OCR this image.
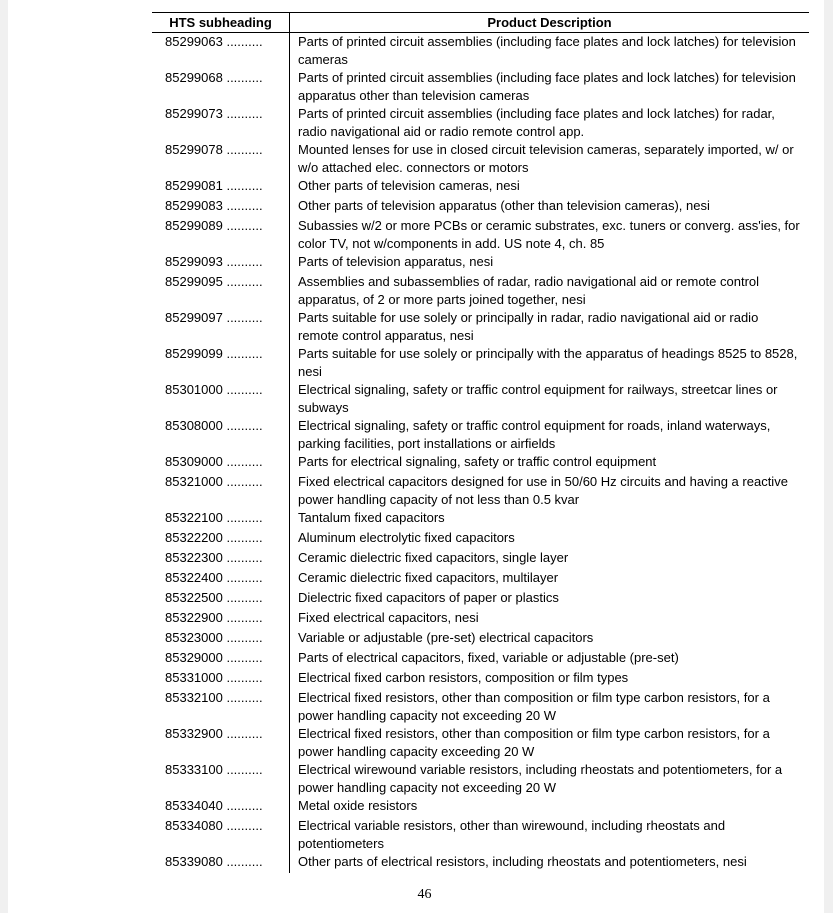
HTS subheading	Product Description
85299063 ..........	Parts of printed circuit assemblies (including face plates and lock latches) for television cameras
85299068 ..........	Parts of printed circuit assemblies (including face plates and lock latches) for television apparatus other than television cameras
85299073 ..........	Parts of printed circuit assemblies (including face plates and lock latches) for radar, radio navigational aid or radio remote control app.
85299078 ..........	Mounted lenses for use in closed circuit television cameras, separately imported, w/ or w/o attached elec. connectors or motors
85299081 ..........	Other parts of television cameras, nesi
85299083 ..........	Other parts of television apparatus (other than television cameras), nesi
85299089 ..........	Subassies w/2 or more PCBs or ceramic substrates, exc. tuners or converg. ass'ies, for color TV, not w/components in add. US note 4, ch. 85
85299093 ..........	Parts of television apparatus, nesi
85299095 ..........	Assemblies and subassemblies of radar, radio navigational aid or remote control apparatus, of 2 or more parts joined together, nesi
85299097 ..........	Parts suitable for use solely or principally in radar, radio navigational aid or radio remote control apparatus, nesi
85299099 ..........	Parts suitable for use solely or principally with the apparatus of headings 8525 to 8528, nesi
85301000 ..........	Electrical signaling, safety or traffic control equipment for railways, streetcar lines or subways
85308000 ..........	Electrical signaling, safety or traffic control equipment for roads, inland waterways, parking facilities, port installations or airfields
85309000 ..........	Parts for electrical signaling, safety or traffic control equipment
85321000 ..........	Fixed electrical capacitors designed for use in 50/60 Hz circuits and having a reactive power handling capacity of not less than 0.5 kvar
85322100 ..........	Tantalum fixed capacitors
85322200 ..........	Aluminum electrolytic fixed capacitors
85322300 ..........	Ceramic dielectric fixed capacitors, single layer
85322400 ..........	Ceramic dielectric fixed capacitors, multilayer
85322500 ..........	Dielectric fixed capacitors of paper or plastics
85322900 ..........	Fixed electrical capacitors, nesi
85323000 ..........	Variable or adjustable (pre-set) electrical capacitors
85329000 ..........	Parts of electrical capacitors, fixed, variable or adjustable (pre-set)
85331000 ..........	Electrical fixed carbon resistors, composition or film types
85332100 ..........	Electrical fixed resistors, other than composition or film type carbon resistors, for a power handling capacity not exceeding 20 W
85332900 ..........	Electrical fixed resistors, other than composition or film type carbon resistors, for a power handling capacity exceeding 20 W
85333100 ..........	Electrical wirewound variable resistors, including rheostats and potentiometers, for a power handling capacity not exceeding 20 W
85334040 ..........	Metal oxide resistors
85334080 ..........	Electrical variable resistors, other than wirewound, including rheostats and potentiometers
85339080 ..........	Other parts of electrical resistors, including rheostats and potentiometers, nesi
46
